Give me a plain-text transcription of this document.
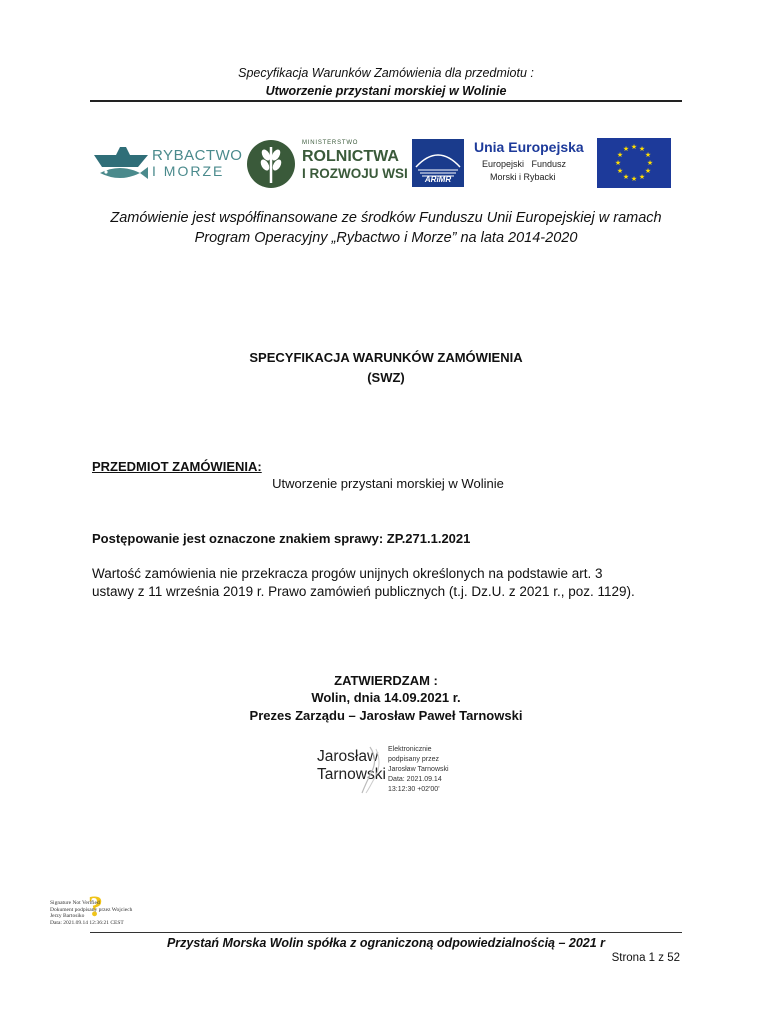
Specyfikacja Warunków Zamówienia dla przedmiotu :
Utworzenie przystani morskiej w Wolinie
RYBACTWO
I MORZE
MINISTERSTWO
ROLNICTWA
I ROZWOJU WSI	ARiMR
Unia Europejska
Europejski   Fundusz
Morski i Rybacki
★ ★
★
★
★
★
★
★
★
★
★
★
Zamówienie jest współfinansowane ze środków Funduszu Unii Europejskiej w ramach
Program Operacyjny „Rybactwo i Morze” na lata 2014-2020
SPECYFIKACJA WARUNKÓW ZAMÓWIENIA
(SWZ)
PRZEDMIOT ZAMÓWIENIA:
Utworzenie przystani morskiej w Wolinie
Postępowanie jest oznaczone znakiem sprawy: ZP.271.1.2021
Wartość zamówienia nie przekracza progów unijnych określonych na podstawie art. 3
ustawy z 11 września 2019 r. Prawo zamówień publicznych (t.j. Dz.U. z 2021 r., poz. 1129).
ZATWIERDZAM :
Wolin, dnia 14.09.2021 r.
Prezes Zarządu – Jarosław Paweł Tarnowski
Jarosław
Tarnowski
Elektronicznie
podpisany przez
Jarosław Tarnowski
Data: 2021.09.14
13:12:30 +02'00'
?
Signature Not Verified
Dokument podpisany przez Wojciech
Jerzy Bartosiko
Data: 2021.09.14 12:36:21 CEST
Przystań Morska Wolin spółka z ograniczoną odpowiedzialnością – 2021 r
Strona 1 z 52
